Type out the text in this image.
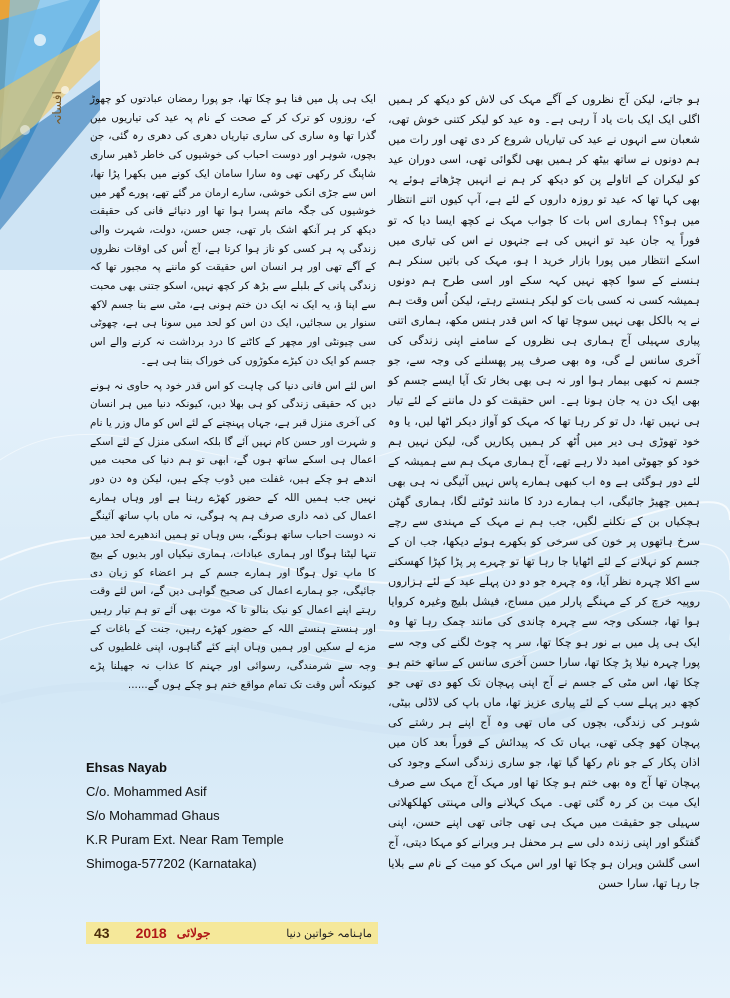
افسانہ	ہو جاتے، لیکن آج نظروں کے آگے مہک کی لاش کو دیکھ کر ہمیں اگلی ایک ایک بات یاد آ رہی ہے۔ وہ عید کو لیکر کتنی خوش تھی، شعبان سے انہوں نے عید کی تیاریاں شروع کر دی تھی اور رات میں ہم دونوں نے ساتھ بیٹھ کر ہمیں بھی لگوائی تھی، اسی دوران عید کو لیکران کے اتاولے پن کو دیکھ کر ہم نے انہیں چڑھاتے ہوئے یہ بھی کہا تھا کہ عید تو روزہ داروں کے لئے ہے، آپ کیوں اتنے انتظار میں ہو؟؟ ہماری اس بات کا جواب مہک نے کچھ ایسا دیا کہ تو فوراً یہ جان عید تو انہیں کی ہے جنہوں نے اس کی تیاری میں اسکے انتظار میں پورا بازار خرید ا ہو، مہک کی باتیں سنکر ہم ہنسنے کے سوا کچھ نہیں کہہ سکے اور اسی طرح ہم دونوں ہمیشہ کسی نہ کسی بات کو لیکر ہنستے رہتے، لیکن اُس وقت ہم نے یہ بالکل بھی نہیں سوچا تھا کہ اس قدر ہنس مکھ، ہماری اتنی پیاری سہیلی آج ہماری ہی نظروں کے سامنے اپنی زندگی کی آخری سانس لے گی، وہ بھی صرف پیر پھسلنے کی وجہ سے، جو جسم نہ کبھی بیمار ہوا اور نہ ہی بھی بخار تک آیا ایسے جسم کو بھی ایک دن یہ جان ہونا ہے۔ اس حقیقت کو دل ماننے کے لئے تیار ہی نہیں تھا، دل تو کر رہا تھا کہ مہک کو آواز دیکر اٹھا لیں، یا وہ خود تھوڑی ہی دیر میں اُٹھ کر ہمیں پکاریں گی، لیکن نہیں ہم خود کو جھوٹی امید دلا رہے تھے، آج ہماری مہک ہم سے ہمیشہ کے لئے دور ہوگئی ہے وہ اب کبھی ہمارے پاس نہیں آئیگی نہ ہی بھی ہمیں چھیڑ جائیگی، اب ہمارے درد کا مانند ٹوٹنے لگا، ہماری گھٹن ہچکیاں بن کے نکلنے لگیں، جب ہم نے مہک کے مہندی سے رچے سرخ ہاتھوں پر خون کی سرخی کو بکھرے ہوئے دیکھا، جب ان کے جسم کو نہلانے کے لئے اٹھایا جا رہا تھا تو چہرے پر پڑا کپڑا کھسکنے سے اکلا چہرہ نظر آیا، وہ چہرہ جو دو دن پہلے عید کے لئے ہزاروں روپیہ خرچ کر کے مہنگے پارلر میں مساج، فیشل بلیچ وغیرہ کروایا ہوا تھا، جسکی وجہ سے چہرہ چاندی کی مانند چمک رہا تھا وہ ایک ہی پل میں بے نور ہو چکا تھا، سر پہ چوٹ لگنے کی وجہ سے پورا چہرہ نیلا پڑ چکا تھا، سارا حسن آخری سانس کے ساتھ ختم ہو چکا تھا، اس مٹی کے جسم نے آج اپنی پہچان تک کھو دی تھی جو کچھ دیر پہلے سب کے لئے پیاری عزیز تھا، ماں باپ کی لاڈلی بیٹی، شوہر کی زندگی، بچوں کی ماں تھی وہ آج اپنے ہر رشتے کی پہچان کھو چکی تھی، یہاں تک کہ پیدائش کے فوراً بعد کان میں اذان پکار کے جو نام رکھا گیا تھا، جو ساری زندگی اسکے وجود کی پہچان تھا آج وہ بھی ختم ہو چکا تھا اور مہک آج مہک سے صرف ایک میت بن کر رہ گئی تھی۔ مہک کہلانے والی مہنتی کھلکھلاتی سہیلی جو حقیقت میں مہک ہی تھی جاتی تھی اپنے حسن، اپنی گفتگو اور اپنی زندہ دلی سے ہر محفل ہر ویرانے کو مہکا دیتی، آج اسی گلشن ویران ہو چکا تھا اور اس مہک کو میت کے نام سے بلایا جا رہا تھا، سارا حسن

ایک ہی پل میں فنا ہو چکا تھا، جو پورا رمضان عبادتوں کو چھوڑ کے، روزوں کو ترک کر کے صحت کے نام پہ عید کی تیاریوں میں گذرا تھا وہ ساری کی ساری تیاریاں دھری کی دھری رہ گئی، جن بچوں، شوہر اور دوست احباب کی خوشیوں کی خاطر ڈھیر ساری شاپنگ کر رکھی تھی وہ سارا سامان ایک کونے میں بکھرا پڑا تھا، اس سے جڑی انکی خوشی، سارے ارمان مر گئے تھے، پورے گھر میں خوشیوں کی جگہ ماتم پسرا ہوا تھا اور دنیائے فانی کی حقیقت دیکھ کر ہر آنکھ اشک بار تھی، جس حسن، دولت، شہرت والی زندگی پہ ہر کسی کو ناز ہوا کرتا ہے، آج اُس کی اوقات نظروں کے آگے تھی اور ہر انسان اس حقیقت کو ماننے پہ مجبور تھا کہ زندگی پانی کے بلبلے سے بڑھ کر کچھ نہیں، اسکو جتنی بھی محبت سے اپنا ؤ، یہ ایک نہ ایک دن ختم ہونی ہے، مٹی سے بنا جسم لاکھ سنوار یں سجائیں، ایک دن اس کو لحد میں سونا ہی ہے، چھوٹی سی چیونٹی اور مچھر کے کاٹنے کا درد برداشت نہ کرنے والے اس جسم کو ایک دن کیڑے مکوڑوں کی خوراک بننا ہی ہے۔

اس لئے اس فانی دنیا کی چاہت کو اس قدر خود پہ حاوی نہ ہونے دیں کہ حقیقی زندگی کو ہی بھلا دیں، کیونکہ دنیا میں ہر انسان کی آخری منزل قبر ہے، جہاں پہنچنے کے لئے اس کو مال وزر یا نام و شہرت اور حسن کام نہیں آئے گا بلکہ اسکی منزل کے لئے اسکے اعمال ہی اسکے ساتھ ہوں گے، ابھی تو ہم دنیا کی محبت میں اندھے ہو چکے ہیں، غفلت میں ڈوب چکے ہیں، لیکن وہ دن دور نہیں جب ہمیں اللہ کے حضور کھڑے رہنا ہے اور وہاں ہمارے اعمال کی ذمہ داری صرف ہم پہ ہوگی، نہ ماں باپ ساتھ آئینگے نہ دوست احباب ساتھ ہونگے، بس وہاں تو ہمیں اندھیرے لحد میں تنہا لیٹنا ہوگا اور ہماری عبادات، ہماری نیکیاں اور بدیوں کے بیچ کا ماپ تول ہوگا اور ہمارے جسم کے ہر اعضاء کو زبان دی جائیگی، جو ہمارے اعمال کی صحیح گواہی دیں گے، اس لئے وقت رہتے اپنے اعمال کو نیک بنالو تا کہ موت بھی آئے تو ہم تیار رہیں اور ہنستے ہنستے اللہ کے حضور کھڑے رہیں، جنت کے باغات کے مزے لے سکیں اور ہمیں وہاں اپنے کئے گناہوں، اپنی غلطیوں کی وجہ سے شرمندگی، رسوائی اور جہنم کا عذاب نہ جھیلنا پڑے کیونکہ اُس وقت تک تمام مواقع ختم ہو چکے ہوں گے......

Ehsas Nayab
C/o. Mohammed Asif
S/o Mohammad Ghaus
K.R Puram Ext. Near Ram Temple
Shimoga-577202 (Karnataka)
43 2018 جولائی	ماہنامہ خواتین دنیا
